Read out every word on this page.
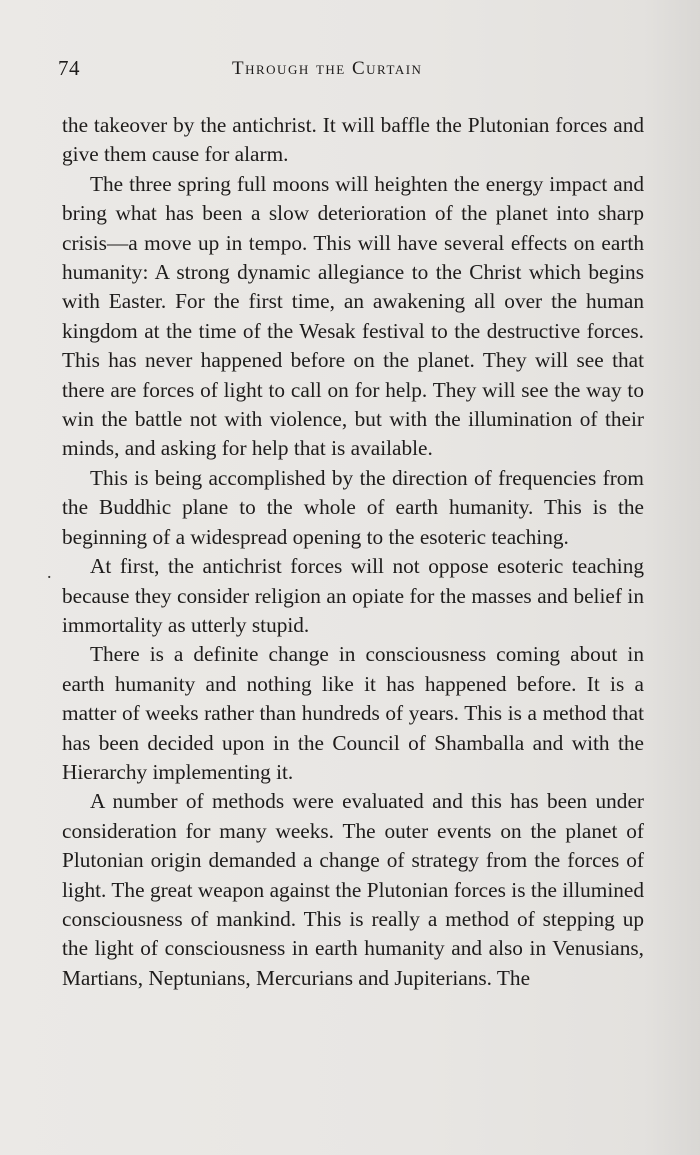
74	Through the Curtain
.

the takeover by the antichrist. It will baffle the Plutonian forces and give them cause for alarm.

The three spring full moons will heighten the energy impact and bring what has been a slow deterioration of the planet into sharp crisis—a move up in tempo. This will have several effects on earth humanity: A strong dynamic allegiance to the Christ which begins with Easter. For the first time, an awakening all over the human kingdom at the time of the Wesak festival to the destructive forces. This has never happened before on the planet. They will see that there are forces of light to call on for help. They will see the way to win the battle not with violence, but with the illumination of their minds, and asking for help that is available.

This is being accomplished by the direction of frequencies from the Buddhic plane to the whole of earth humanity. This is the beginning of a widespread opening to the esoteric teaching.

At first, the antichrist forces will not oppose esoteric teaching because they consider religion an opiate for the masses and belief in immortality as utterly stupid.

There is a definite change in consciousness coming about in earth humanity and nothing like it has happened before. It is a matter of weeks rather than hundreds of years. This is a method that has been decided upon in the Council of Shamballa and with the Hierarchy implementing it.

A number of methods were evaluated and this has been under consideration for many weeks. The outer events on the planet of Plutonian origin demanded a change of strategy from the forces of light. The great weapon against the Plutonian forces is the illumined consciousness of mankind. This is really a method of stepping up the light of consciousness in earth humanity and also in Venusians, Martians, Neptunians, Mercurians and Jupiterians. The
